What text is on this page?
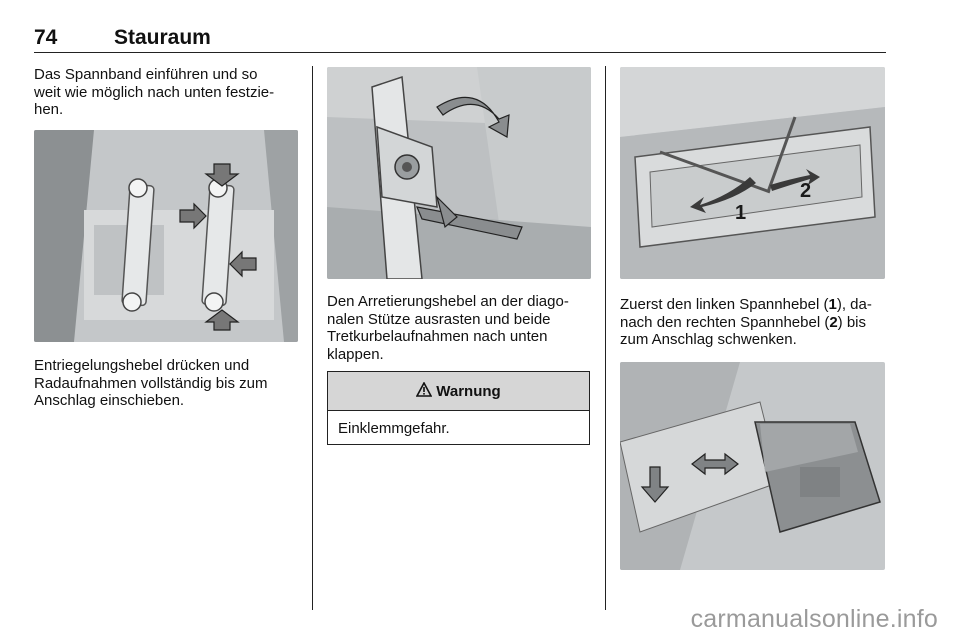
74	Stauraum

Das Spannband einführen und so
weit wie möglich nach unten festzie-
hen.

Entriegelungshebel drücken und
Radaufnahmen vollständig bis zum
Anschlag einschieben.

Den Arretierungshebel an der diago-
nalen Stütze ausrasten und beide
Tretkurbelaufnahmen nach unten
klappen.

Warnung
Einklemmgefahr.
1
2

Zuerst den linken Spannhebel (1), da-
nach den rechten Spannhebel (2) bis
zum Anschlag schwenken.

carmanualsonline.info
